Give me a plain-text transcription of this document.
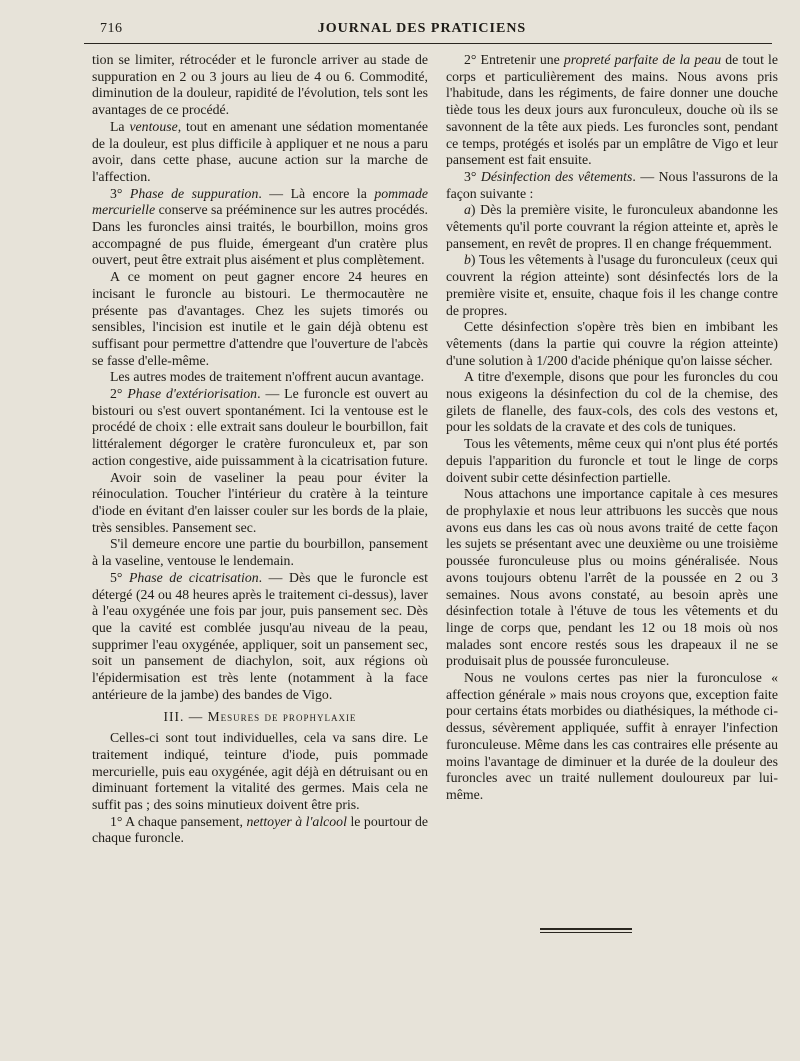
716	JOURNAL DES PRATICIENS

tion se limiter, rétrocéder et le furoncle arriver au stade de suppuration en 2 ou 3 jours au lieu de 4 ou 6. Commodité, diminution de la douleur, rapidité de l'évolution, tels sont les avantages de ce procédé.

La ventouse, tout en amenant une sédation momentanée de la douleur, est plus difficile à appliquer et ne nous a paru avoir, dans cette phase, aucune action sur la marche de l'affection.

3° Phase de suppuration. — Là encore la pommade mercurielle conserve sa prééminence sur les autres procédés. Dans les furoncles ainsi traités, le bourbillon, moins gros accompagné de pus fluide, émergeant d'un cratère plus ouvert, peut être extrait plus aisément et plus complètement.

A ce moment on peut gagner encore 24 heures en incisant le furoncle au bistouri. Le thermocautère ne présente pas d'avantages. Chez les sujets timorés ou sensibles, l'incision est inutile et le gain déjà obtenu est suffisant pour permettre d'attendre que l'ouverture de l'abcès se fasse d'elle-même.

Les autres modes de traitement n'offrent aucun avantage.

2° Phase d'extériorisation. — Le furoncle est ouvert au bistouri ou s'est ouvert spontanément. Ici la ventouse est le procédé de choix : elle extrait sans douleur le bourbillon, fait littéralement dégorger le cratère furonculeux et, par son action congestive, aide puissamment à la cicatrisation future.

Avoir soin de vaseliner la peau pour éviter la réinoculation. Toucher l'intérieur du cratère à la teinture d'iode en évitant d'en laisser couler sur les bords de la plaie, très sensibles. Pansement sec.

S'il demeure encore une partie du bourbillon, pansement à la vaseline, ventouse le lendemain.

5° Phase de cicatrisation. — Dès que le furoncle est détergé (24 ou 48 heures après le traitement ci-dessus), laver à l'eau oxygénée une fois par jour, puis pansement sec. Dès que la cavité est comblée jusqu'au niveau de la peau, supprimer l'eau oxygénée, appliquer, soit un pansement sec, soit un pansement de diachylon, soit, aux régions où l'épidermisation est très lente (notamment à la face antérieure de la jambe) des bandes de Vigo.

III. — Mesures de prophylaxie

Celles-ci sont tout individuelles, cela va sans dire. Le traitement indiqué, teinture d'iode, puis pommade mercurielle, puis eau oxygénée, agit déjà en détruisant ou en diminuant fortement la vitalité des germes. Mais cela ne suffit pas ; des soins minutieux doivent être pris.

1° A chaque pansement, nettoyer à l'alcool le pourtour de chaque furoncle.

2° Entretenir une propreté parfaite de la peau de tout le corps et particulièrement des mains. Nous avons pris l'habitude, dans les régiments, de faire donner une douche tiède tous les deux jours aux furonculeux, douche où ils se savonnent de la tête aux pieds. Les furoncles sont, pendant ce temps, protégés et isolés par un emplâtre de Vigo et leur pansement est fait ensuite.

3° Désinfection des vêtements. — Nous l'assurons de la façon suivante :

a) Dès la première visite, le furonculeux abandonne les vêtements qu'il porte couvrant la région atteinte et, après le pansement, en revêt de propres. Il en change fréquemment.

b) Tous les vêtements à l'usage du furonculeux (ceux qui couvrent la région atteinte) sont désinfectés lors de la première visite et, ensuite, chaque fois il les change contre de propres.

Cette désinfection s'opère très bien en imbibant les vêtements (dans la partie qui couvre la région atteinte) d'une solution à 1/200 d'acide phénique qu'on laisse sécher.

A titre d'exemple, disons que pour les furoncles du cou nous exigeons la désinfection du col de la chemise, des gilets de flanelle, des faux-cols, des cols des vestons et, pour les soldats de la cravate et des cols de tuniques.

Tous les vêtements, même ceux qui n'ont plus été portés depuis l'apparition du furoncle et tout le linge de corps doivent subir cette désinfection partielle.

Nous attachons une importance capitale à ces mesures de prophylaxie et nous leur attribuons les succès que nous avons eus dans les cas où nous avons traité de cette façon les sujets se présentant avec une deuxième ou une troisième poussée furonculeuse plus ou moins généralisée. Nous avons toujours obtenu l'arrêt de la poussée en 2 ou 3 semaines. Nous avons constaté, au besoin après une désinfection totale à l'étuve de tous les vêtements et du linge de corps que, pendant les 12 ou 18 mois où nos malades sont encore restés sous les drapeaux il ne se produisait plus de poussée furonculeuse.

Nous ne voulons certes pas nier la furonculose « affection générale » mais nous croyons que, exception faite pour certains états morbides ou diathésiques, la méthode ci-dessus, sévèrement appliquée, suffit à enrayer l'infection furonculeuse. Même dans les cas contraires elle présente au moins l'avantage de diminuer et la durée de la douleur des furoncles avec un traité nullement douloureux par lui-même.
